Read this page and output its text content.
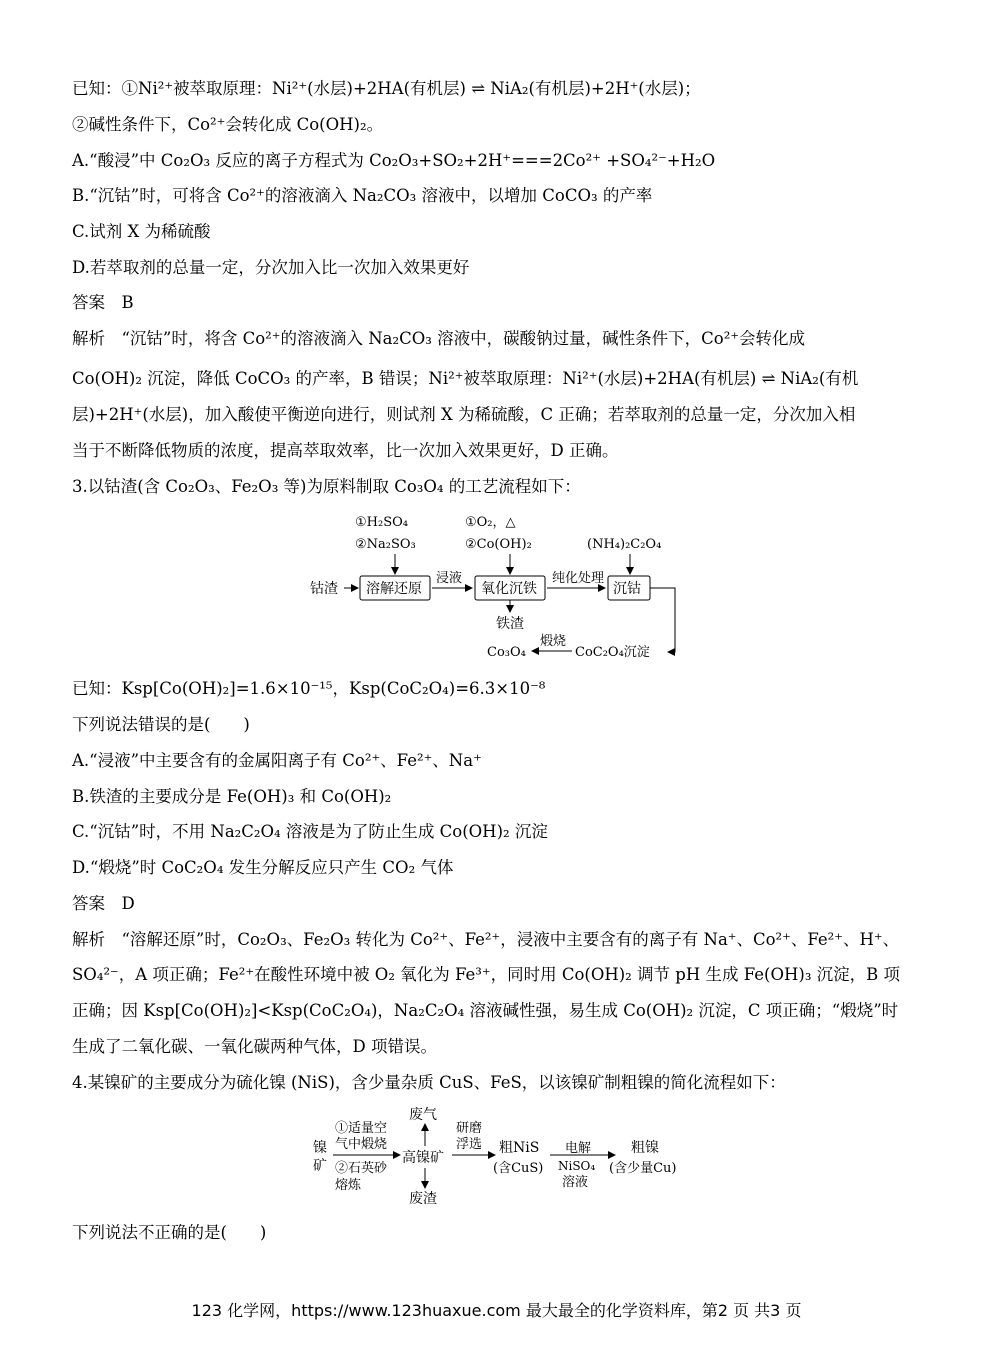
已知：①Ni²⁺被萃取原理：Ni²⁺(水层)+2HA(有机层) ⇌ NiA₂(有机层)+2H⁺(水层)；
②碱性条件下，Co²⁺会转化成 Co(OH)₂。
A.“酸浸”中 Co₂O₃ 反应的离子方程式为 Co₂O₃+SO₂+2H⁺===2Co²⁺ +SO₄²⁻+H₂O
B.“沉钴”时，可将含 Co²⁺的溶液滴入 Na₂CO₃ 溶液中，以增加 CoCO₃ 的产率
C.试剂 X 为稀硫酸
D.若萃取剂的总量一定，分次加入比一次加入效果更好
答案　B
解析　“沉钴”时，将含 Co²⁺的溶液滴入 Na₂CO₃ 溶液中，碳酸钠过量，碱性条件下，Co²⁺会转化成
Co(OH)₂ 沉淀，降低 CoCO₃ 的产率，B 错误；Ni²⁺被萃取原理：Ni²⁺(水层)+2HA(有机层) ⇌ NiA₂(有机
层)+2H⁺(水层)，加入酸使平衡逆向进行，则试剂 X 为稀硫酸，C 正确；若萃取剂的总量一定，分次加入相
当于不断降低物质的浓度，提高萃取效率，比一次加入效果更好，D 正确。
3.以钴渣(含 Co₂O₃、Fe₂O₃ 等)为原料制取 Co₃O₄ 的工艺流程如下：
①H₂SO₄
②Na₂SO₃
①O₂，△
②Co(OH)₂	(NH₄)₂C₂O₄
钴渣 溶解还原
浸液
氧化沉铁
纯化处理
沉钴
铁渣
CoC₂O₄沉淀
煅烧
Co₃O₄
已知：Ksp[Co(OH)₂]=1.6×10⁻¹⁵，Ksp(CoC₂O₄)=6.3×10⁻⁸
下列说法错误的是(　　)
A.“浸液”中主要含有的金属阳离子有 Co²⁺、Fe²⁺、Na⁺
B.铁渣的主要成分是 Fe(OH)₃ 和 Co(OH)₂
C.“沉钴”时，不用 Na₂C₂O₄ 溶液是为了防止生成 Co(OH)₂ 沉淀
D.“煅烧”时 CoC₂O₄ 发生分解反应只产生 CO₂ 气体
答案　D
解析　“溶解还原”时，Co₂O₃、Fe₂O₃ 转化为 Co²⁺、Fe²⁺，浸液中主要含有的离子有 Na⁺、Co²⁺、Fe²⁺、H⁺、
SO₄²⁻，A 项正确；Fe²⁺在酸性环境中被 O₂ 氧化为 Fe³⁺，同时用 Co(OH)₂ 调节 pH 生成 Fe(OH)₃ 沉淀，B 项
正确；因 Ksp[Co(OH)₂]<Ksp(CoC₂O₄)，Na₂C₂O₄ 溶液碱性强，易生成 Co(OH)₂ 沉淀，C 项正确；“煅烧”时
生成了二氧化碳、一氧化碳两种气体，D 项错误。
4.某镍矿的主要成分为硫化镍 (NiS)，含少量杂质 CuS、FeS，以该镍矿制粗镍的简化流程如下：
镍
矿
①适量空
气中煅烧
②石英砂
熔炼
高镍矿
废气
废渣
研磨
浮选 粗NiS
(含CuS)
电解
NiSO₄
溶液
粗镍
(含少量Cu)
下列说法不正确的是(　　)
123 化学网，https://www.123huaxue.com 最大最全的化学资料库，第2 页 共3 页
